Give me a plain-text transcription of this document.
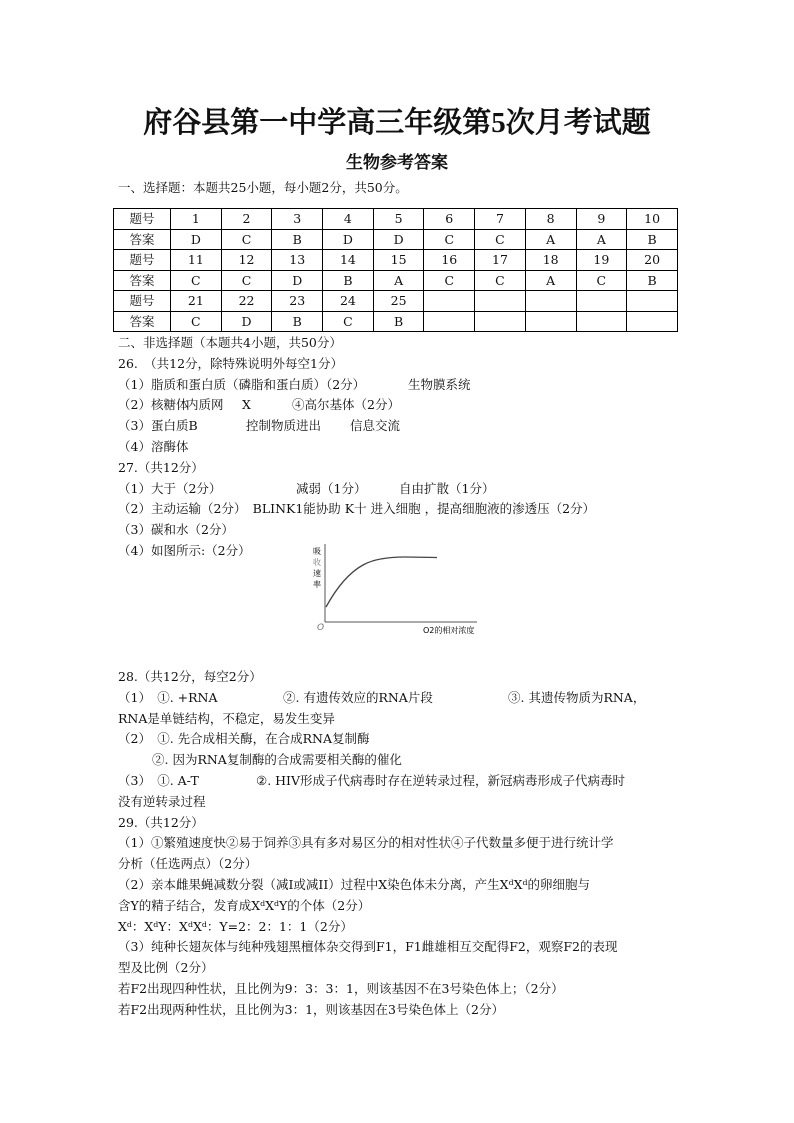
府谷县第一中学高三年级第5次月考试题
生物参考答案
一、选择题：本题共25小题，每小题2分，共50分。
题号	1	2	3	4	5	6	7	8	9	10
答案	D	C	B	D	D	C	C	A	A	B
题号	11	12	13	14	15	16	17	18	19	20
答案	C	C	D	B	A	C	C	A	C	B
题号	21	22	23	24	25					
答案	C	D	B	C	B					
二、非选择题（本题共4小题，共50分）
26.　（共12分，除特殊说明外每空1分）
（1）脂质和蛋白质（磷脂和蛋白质）（2分）	生物膜系统
（2）核糖体内质网 X	④高尔基体（2分）
（3）蛋白质B	控制物质进出 信息交流
（4）溶酶体
27.（共12分）
（1）大于（2分）	减弱（1分）	自由扩散（1分）
（2）主动运输（2分）　BLINK1能协助 K十 进入细胞 ，提高细胞液的渗透压（2分）
（3）碳和水（2分）
（4）如图所示:（2分）	吸
收
速
率
O	O2的相对浓度
28.（共12分，每空2分）
（1）　①. +RNA	②. 有遗传效应的RNA片段	③. 其遗传物质为RNA，
RNA是单链结构，不稳定，易发生变异
（2）　①. 先合成相关酶，在合成RNA复制酶
②. 因为RNA复制酶的合成需要相关酶的催化
（3）　①. A-T	②. HIV形成子代病毒时存在逆转录过程，新冠病毒形成子代病毒时
没有逆转录过程
29.（共12分）
（1）①繁殖速度快②易于饲养③具有多对易区分的相对性状④子代数量多便于进行统计学
分析（任选两点）（2分）
（2）亲本雌果蝇减数分裂（减I或减II）过程中X染色体未分离，产生XᵈXᵈ的卵细胞与
含Y的精子结合，发育成XᵈXᵈY的个体（2分）
Xᵈ：XᵈY：XᵈXᵈ：Y=2：2：1：1（2分）
（3）纯种长翅灰体与纯种残翅黑檀体杂交得到F1，F1雌雄相互交配得F2，观察F2的表现
型及比例（2分）
若F2出现四种性状，且比例为9：3：3：1，则该基因不在3号染色体上；（2分）
若F2出现两种性状，且比例为3：1，则该基因在3号染色体上（2分）
